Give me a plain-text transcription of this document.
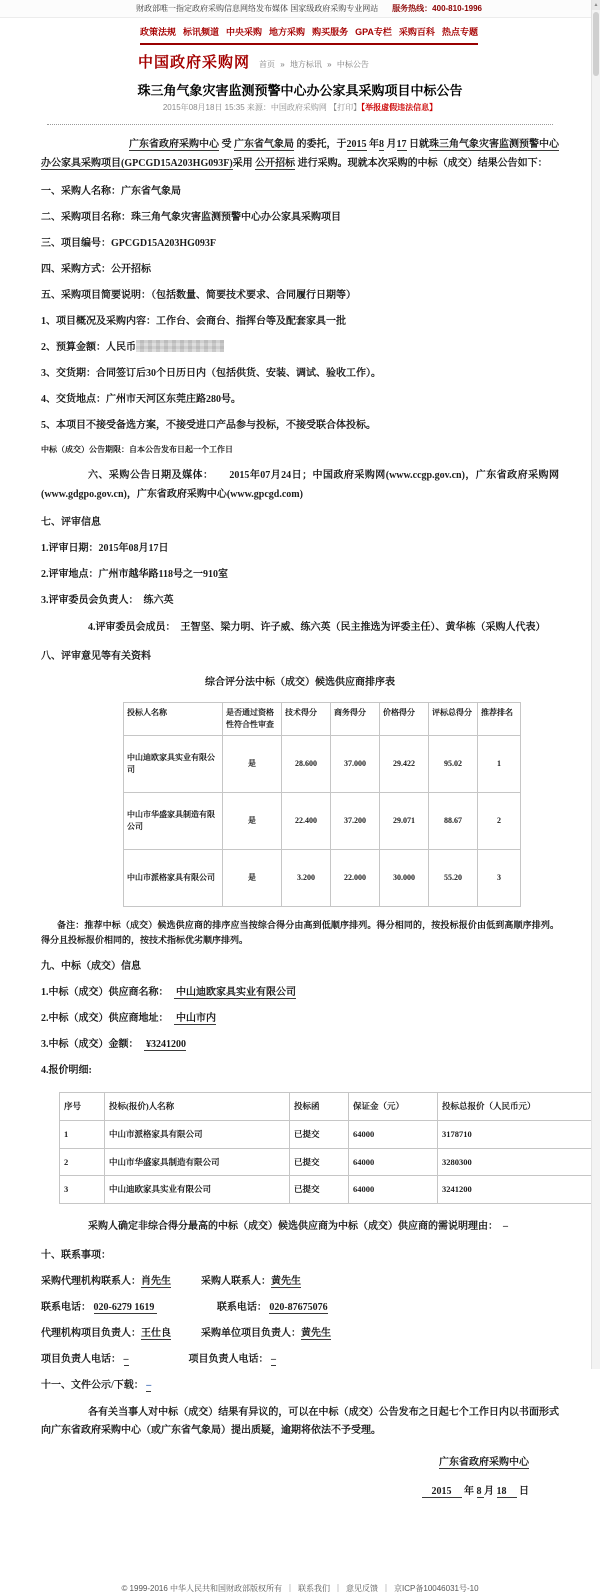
财政部唯一指定政府采购信息网络发布媒体 国家级政府采购专业网站 服务热线：400-810-1996
政策法规 标讯频道 中央采购 地方采购 购买服务 GPA专栏 采购百科 热点专题
中国政府采购网 首页 » 地方标讯 » 中标公告
珠三角气象灾害监测预警中心办公家具采购项目中标公告
2015年08月18日 15:35 来源：中国政府采购网 【打印】【举报虚假违法信息】

广东省政府采购中心 受 广东省气象局 的委托，于2015 年8 月17 日就珠三角气象灾害监测预警中心办公家具采购项目(GPCGD15A203HG093F)采用 公开招标 进行采购。现就本次采购的中标（成交）结果公告如下：

一、采购人名称：广东省气象局

二、采购项目名称：珠三角气象灾害监测预警中心办公家具采购项目

三、项目编号：GPCGD15A203HG093F

四、采购方式：公开招标

五、采购项目简要说明：（包括数量、简要技术要求、合同履行日期等）

1、项目概况及采购内容：工作台、会商台、指挥台等及配套家具一批

2、预算金额：人民币

3、交货期：合同签订后30个日历日内（包括供货、安装、调试、验收工作）。

4、交货地点：广州市天河区东莞庄路280号。

5、本项目不接受备选方案，不接受进口产品参与投标，不接受联合体投标。

中标（成交）公告期限：自本公告发布日起一个工作日

六、采购公告日期及媒体：　　2015年07月24日；中国政府采购网(www.ccgp.gov.cn)，广东省政府采购网(www.gdgpo.gov.cn)，广东省政府采购中心(www.gpcgd.com)

七、评审信息

1.评审日期：2015年08月17日

2.评审地点：广州市越华路118号之一910室

3.评审委员会负责人：　练六英

4.评审委员会成员：　王智坚、梁力明、许子威、练六英（民主推选为评委主任）、黄华栋（采购人代表）

八、评审意见等有关资料

综合评分法中标（成交）候选供应商排序表

投标人名称	是否通过资格性符合性审查	技术得分	商务得分	价格得分	评标总得分	推荐排名
中山迪欧家具实业有限公司	是	28.600	37.000	29.422	95.02	1
中山市华盛家具制造有限公司	是	22.400	37.200	29.071	88.67	2
中山市派格家具有限公司	是	3.200	22.000	30.000	55.20	3

备注：推荐中标（成交）候选供应商的排序应当按综合得分由高到低顺序排列。得分相同的，按投标报价由低到高顺序排列。得分且投标报价相同的，按技术指标优劣顺序排列。

九、中标（成交）信息

1.中标（成交）供应商名称：　 中山迪欧家具实业有限公司

2.中标（成交）供应商地址：　 中山市内

3.中标（成交）金额：　 ¥3241200

4.报价明细:

序号	投标(报价)人名称	投标函	保证金（元）	投标总报价（人民币元）
1	中山市派格家具有限公司	已提交	64000	3178710
2	中山市华盛家具制造有限公司	已提交	64000	3280300
3	中山迪欧家具实业有限公司	已提交	64000	3241200

采购人确定非综合得分最高的中标（成交）候选供应商为中标（成交）供应商的需说明理由：　–

十、联系事项：

采购代理机构联系人：肖先生	采购人联系人：黄先生

联系电话： 020-6279 1619	联系电话： 020-87675076

代理机构项目负责人：王仕良	采购单位项目负责人：黄先生

项目负责人电话： –	项目负责人电话： –

十一、文件公示/下载： –

各有关当事人对中标（成交）结果有异议的，可以在中标（成交）公告发布之日起七个工作日内以书面形式向广东省政府采购中心（或广东省气象局）提出质疑，逾期将依法不予受理。

广东省政府采购中心

　2015　 年 8 月 18　 日

© 1999-2016 中华人民共和国财政部版权所有 ｜ 联系我们 ｜ 意见反馈 ｜ 京ICP备10046031号-10
▲
